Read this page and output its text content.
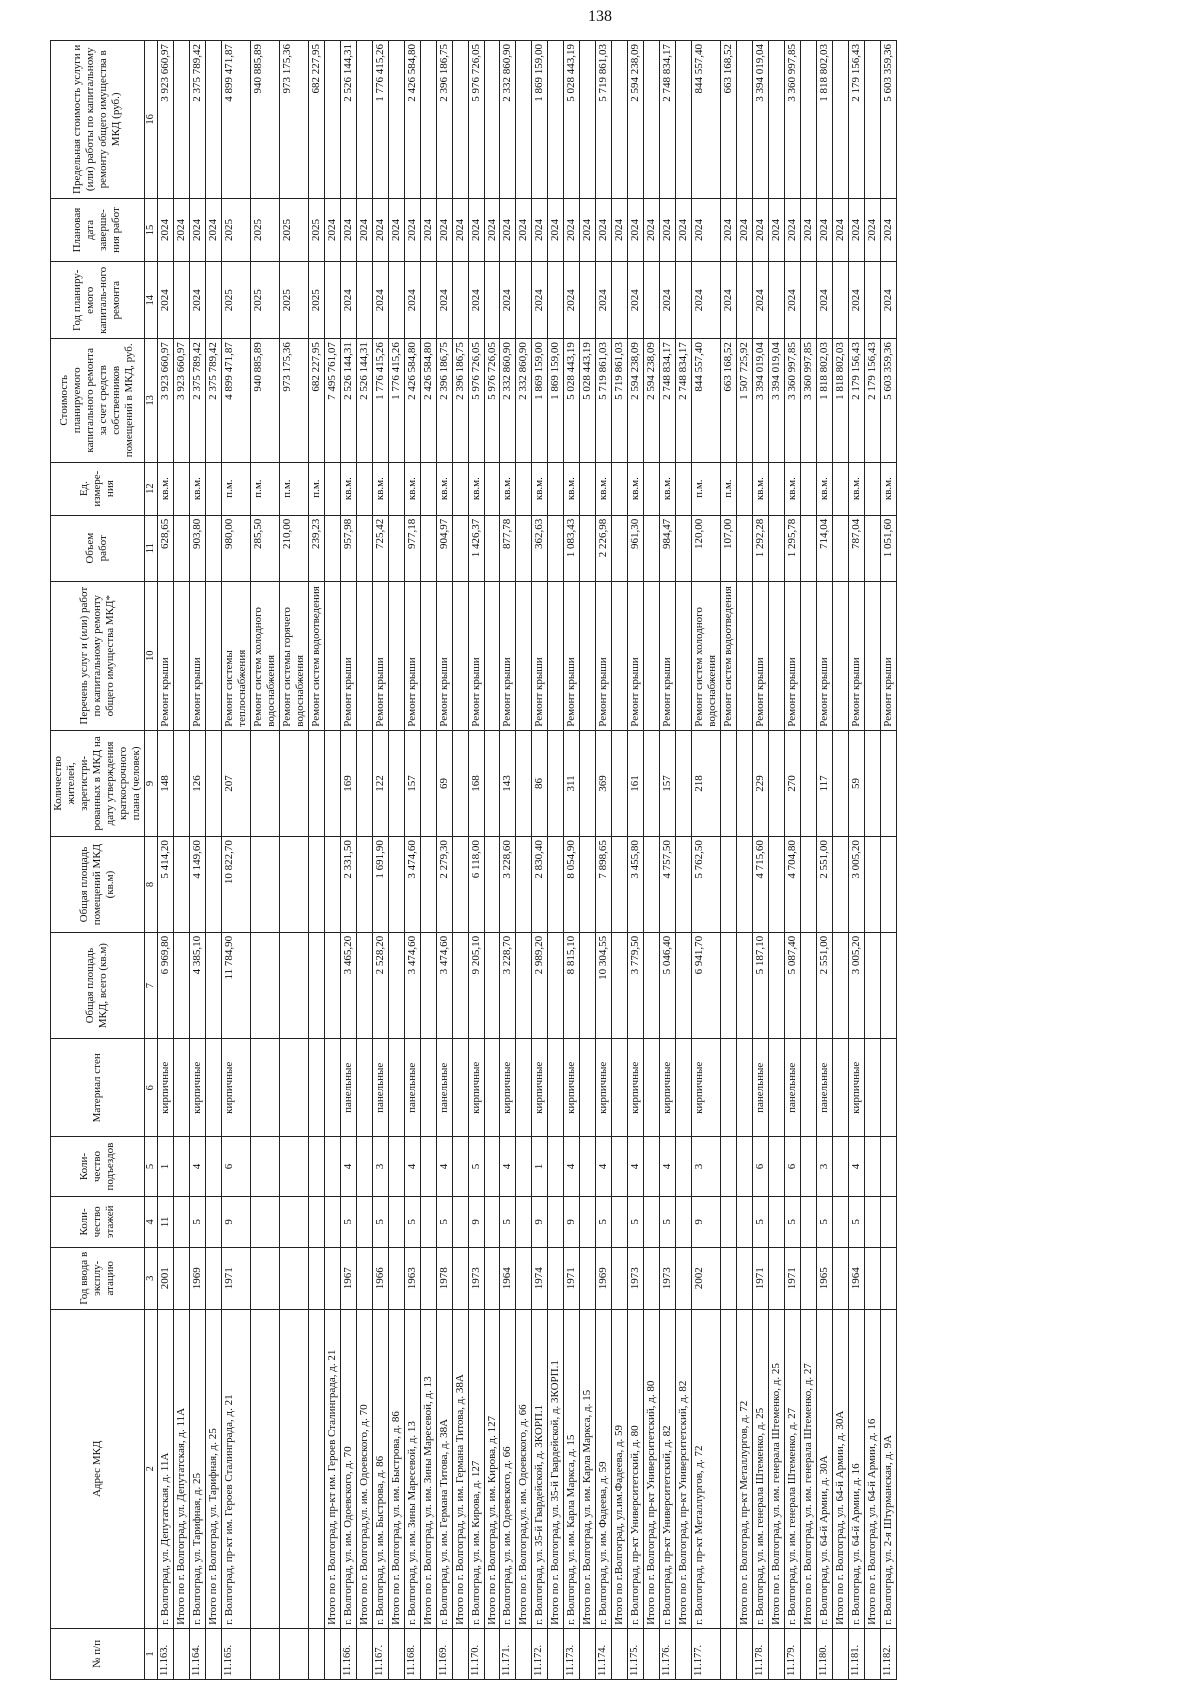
138
№ п/п	Адрес МКД	Год ввода в эксплу-атацию	Коли-чество этажей	Коли-чество подъездов	Материал стен	Общая площадь МКД, всего (кв.м)	Общая площадь помещений МКД (кв.м)	Количество жителей, зарегистри-рованных в МКД на дату утверждения краткосрочного плана (человек)	Перечень услуг и (или) работ по капитальному ремонту общего имущества МКД*	Объем работ	Ед. измере-ния	Стоимость планируемого капитального ремонта за счет средств собственников помещений в МКД, руб.	Год планиру-емого капиталь-ного ремонта	Плановая дата заверше-ния работ	Предельная стоимость услуги и (или) работы по капитальному ремонту общего имущества в МКД (руб.)
1	2	3	4	5	6	7	8	9	10	11	12	13	14	15	16
11.163.	г. Волгоград, ул. Депутатская, д. 11А	2001	11	1	кирпичные	6 969,80	5 414,20	148	Ремонт крыши	628,65	кв.м.	3 923 660,97	2024	2024	3 923 660,97
	Итого по г. Волгоград, ул. Депутатская, д. 11А											3 923 660,97		2024	
11.164.	г. Волгоград, ул. Тарифная, д. 25	1969	5	4	кирпичные	4 385,10	4 149,60	126	Ремонт крыши	903,80	кв.м.	2 375 789,42	2024	2024	2 375 789,42
	Итого по г. Волгоград, ул. Тарифная, д. 25											2 375 789,42		2024	
11.165.	г. Волгоград, пр-кт им. Героев Сталинграда, д. 21	1971	9	6	кирпичные	11 784,90	10 822,70	207	Ремонт системы теплоснабжения	980,00	п.м.	4 899 471,87	2025	2025	4 899 471,87
									Ремонт систем холодного водоснабжения	285,50	п.м.	940 885,89	2025	2025	940 885,89
									Ремонт системы горячего водоснабжения	210,00	п.м.	973 175,36	2025	2025	973 175,36
									Ремонт систем водоотведения	239,23	п.м.	682 227,95	2025	2025	682 227,95
	Итого по г. Волгоград, пр-кт им. Героев Сталинграда, д. 21											7 495 761,07		2024	
11.166.	г. Волгоград, ул. им. Одоевского, д. 70	1967	5	4	панельные	3 465,20	2 331,50	169	Ремонт крыши	957,98	кв.м.	2 526 144,31	2024	2024	2 526 144,31
	Итого по г. Волгоград,ул. им. Одоевского, д. 70											2 526 144,31		2024	
11.167.	г. Волгоград, ул. им. Быстрова, д. 86	1966	5	3	панельные	2 528,20	1 691,90	122	Ремонт крыши	725,42	кв.м.	1 776 415,26	2024	2024	1 776 415,26
	Итого по г. Волгоград, ул. им. Быстрова, д. 86											1 776 415,26		2024	
11.168.	г. Волгоград, ул. им. Зины Маресевой, д. 13	1963	5	4	панельные	3 474,60	3 474,60	157	Ремонт крыши	977,18	кв.м.	2 426 584,80	2024	2024	2 426 584,80
	Итого по г. Волгоград, ул. им. Зины Маресевой, д. 13											2 426 584,80		2024	
11.169.	г. Волгоград, ул. им. Германа Титова, д. 38А	1978	5	4	панельные	3 474,60	2 279,30	69	Ремонт крыши	904,97	кв.м.	2 396 186,75	2024	2024	2 396 186,75
	Итого по г. Волгоград, ул. им. Германа Титова, д. 38А											2 396 186,75		2024	
11.170.	г. Волгоград, ул. им. Кирова, д. 127	1973	9	5	кирпичные	9 205,10	6 118,00	168	Ремонт крыши	1 426,37	кв.м.	5 976 726,05	2024	2024	5 976 726,05
	Итого по г. Волгоград, ул. им. Кирова, д. 127											5 976 726,05		2024	
11.171.	г. Волгоград, ул. им. Одоевского, д. 66	1964	5	4	кирпичные	3 228,70	3 228,60	143	Ремонт крыши	877,78	кв.м.	2 332 860,90	2024	2024	2 332 860,90
	Итого по г. Волгоград,ул. им. Одоевского, д. 66											2 332 860,90		2024	
11.172.	г. Волгоград, ул. 35-й Гвардейской, д. 3КОРП.1	1974	9	1	кирпичные	2 989,20	2 830,40	86	Ремонт крыши	362,63	кв.м.	1 869 159,00	2024	2024	1 869 159,00
	Итого по г. Волгоград, ул. 35-й Гвардейской, д. 3КОРП.1											1 869 159,00		2024	
11.173.	г. Волгоград, ул. им. Карла Маркса, д. 15	1971	9	4	кирпичные	8 815,10	8 054,90	311	Ремонт крыши	1 083,43	кв.м.	5 028 443,19	2024	2024	5 028 443,19
	Итого по г. Волгоград, ул. им. Карла Маркса, д. 15											5 028 443,19		2024	
11.174.	г. Волгоград, ул. им. Фадеева, д. 59	1969	5	4	кирпичные	10 304,55	7 898,65	369	Ремонт крыши	2 226,98	кв.м.	5 719 861,03	2024	2024	5 719 861,03
	Итого по г.Волгоград, ул.им.Фадеева, д. 59											5 719 861,03		2024	
11.175.	г. Волгоград, пр-кт Университетский, д. 80	1973	5	4	кирпичные	3 779,50	3 455,80	161	Ремонт крыши	961,30	кв.м.	2 594 238,09	2024	2024	2 594 238,09
	Итого по г. Волгоград, пр-кт Университетский, д. 80											2 594 238,09		2024	
11.176.	г. Волгоград, пр-кт Университетский, д. 82	1973	5	4	кирпичные	5 046,40	4 757,50	157	Ремонт крыши	984,47	кв.м.	2 748 834,17	2024	2024	2 748 834,17
	Итого по г. Волгоград, пр-кт Университетский, д. 82											2 748 834,17		2024	
11.177.	г. Волгоград, пр-кт Металлургов, д. 72	2002	9	3	кирпичные	6 941,70	5 762,50	218	Ремонт систем холодного водоснабжения	120,00	п.м.	844 557,40	2024	2024	844 557,40
									Ремонт систем водоотведения	107,00	п.м.	663 168,52	2024	2024	663 168,52
	Итого по г. Волгоград, пр-кт Металлургов, д. 72											1 507 725,92		2024	
11.178.	г. Волгоград, ул. им. генерала Штеменко, д. 25	1971	5	6	панельные	5 187,10	4 715,60	229	Ремонт крыши	1 292,28	кв.м.	3 394 019,04	2024	2024	3 394 019,04
	Итого по г. Волгоград, ул. им. генерала Штеменко, д. 25											3 394 019,04		2024	
11.179.	г. Волгоград, ул. им. генерала Штеменко, д. 27	1971	5	6	панельные	5 087,40	4 704,80	270	Ремонт крыши	1 295,78	кв.м.	3 360 997,85	2024	2024	3 360 997,85
	Итого по г. Волгоград, ул. им. генерала Штеменко, д. 27											3 360 997,85		2024	
11.180.	г. Волгоград, ул. 64-й Армии, д. 30А	1965	5	3	панельные	2 551,00	2 551,00	117	Ремонт крыши	714,04	кв.м.	1 818 802,03	2024	2024	1 818 802,03
	Итого по г. Волгоград, ул. 64-й Армии, д. 30А											1 818 802,03		2024	
11.181.	г. Волгоград, ул. 64-й Армии, д. 16	1964	5	4	кирпичные	3 005,20	3 005,20	59	Ремонт крыши	787,04	кв.м.	2 179 156,43	2024	2024	2 179 156,43
	Итого по г. Волгоград, ул. 64-й Армии, д. 16											2 179 156,43		2024	
11.182.	г. Волгоград, ул. 2-я Штурманская, д. 9А								Ремонт крыши	1 051,60	кв.м.	5 603 359,36	2024	2024	5 603 359,36
